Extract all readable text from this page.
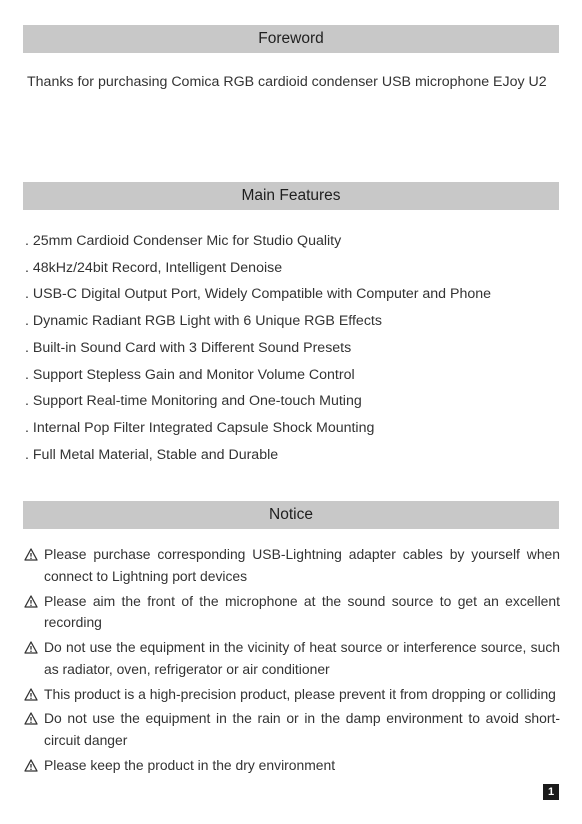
Foreword
Thanks for purchasing Comica RGB cardioid condenser USB microphone EJoy U2
Main Features
. 25mm Cardioid Condenser Mic for Studio Quality
. 48kHz/24bit Record, Intelligent Denoise
. USB-C Digital Output Port, Widely Compatible with Computer and Phone
. Dynamic Radiant RGB Light with 6 Unique RGB Effects
. Built-in Sound Card with 3 Different Sound Presets
. Support Stepless Gain and Monitor Volume Control
. Support Real-time Monitoring and One-touch Muting
. Internal Pop Filter Integrated Capsule Shock Mounting
. Full Metal Material, Stable and Durable
Notice
Please purchase corresponding USB-Lightning adapter cables by yourself when connect to Lightning port devices
Please aim the front of the microphone at the sound source to get an excellent recording
Do not use the equipment in the vicinity of heat source or interference source, such as radiator, oven, refrigerator or air conditioner
This product is a high-precision product, please prevent it from dropping or colliding
Do not use the equipment in the rain or in the damp environment to avoid short-circuit danger
Please keep the product in the dry environment
1
